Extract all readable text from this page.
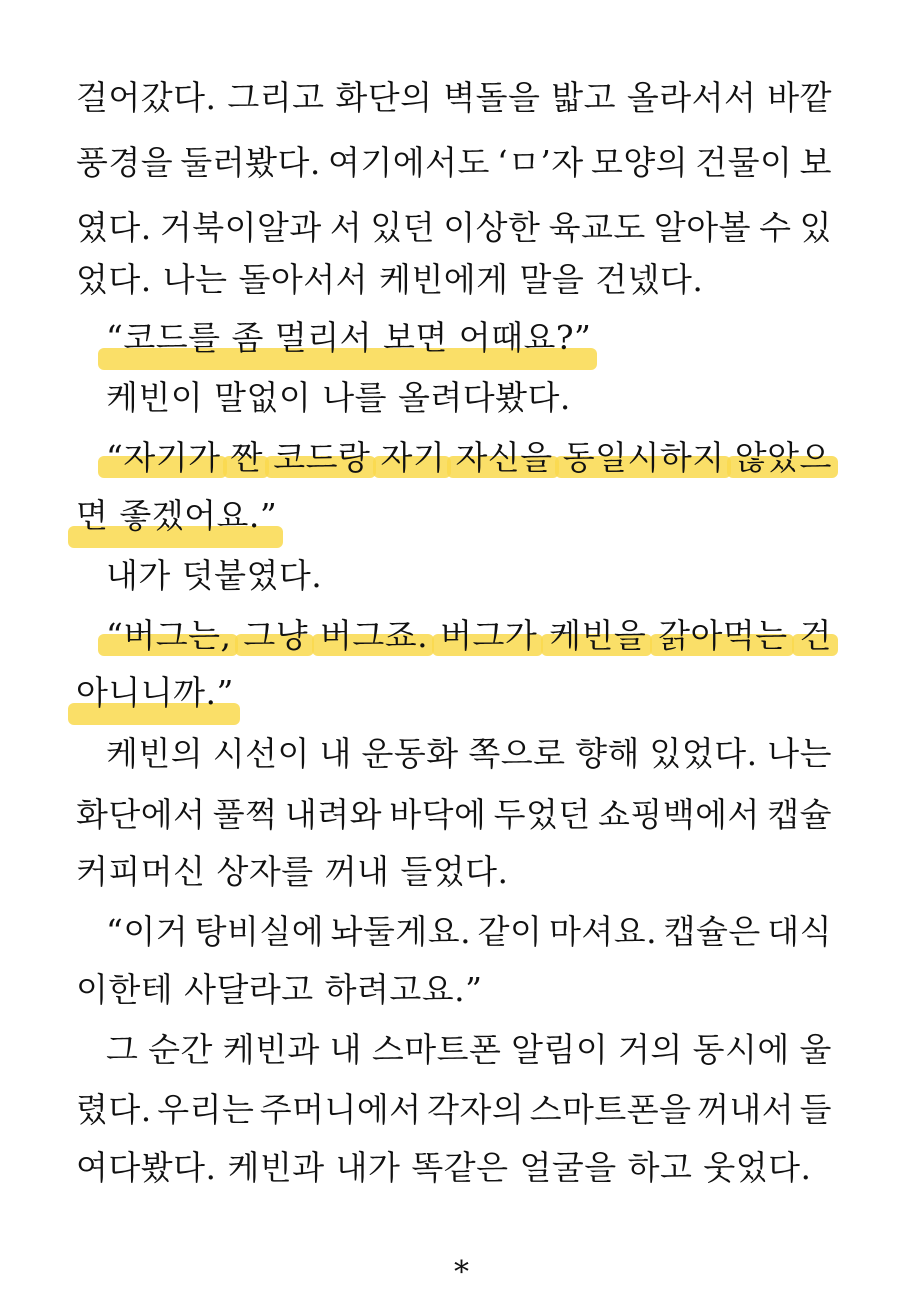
걸어갔다. 그리고 화단의 벽돌을 밟고 올라서서 바깥
풍경을 둘러봤다. 여기에서도 ‘ㅁ’자 모양의 건물이 보
였다. 거북이알과 서 있던 이상한 육교도 알아볼 수 있
었다. 나는 돌아서서 케빈에게 말을 건넸다.
“코드를 좀 멀리서 보면 어때요?”
케빈이 말없이 나를 올려다봤다.
“자기가 짠 코드랑 자기 자신을 동일시하지 않았으
면 좋겠어요.”
내가 덧붙였다.
“버그는, 그냥 버그죠. 버그가 케빈을 갉아먹는 건
아니니까.”
케빈의 시선이 내 운동화 쪽으로 향해 있었다. 나는
화단에서 풀쩍 내려와 바닥에 두었던 쇼핑백에서 캡슐
커피머신 상자를 꺼내 들었다.
“이거 탕비실에 놔둘게요. 같이 마셔요. 캡슐은 대식
이한테 사달라고 하려고요.”
그 순간 케빈과 내 스마트폰 알림이 거의 동시에 울
렸다. 우리는 주머니에서 각자의 스마트폰을 꺼내서 들
여다봤다. 케빈과 내가 똑같은 얼굴을 하고 웃었다.
*
